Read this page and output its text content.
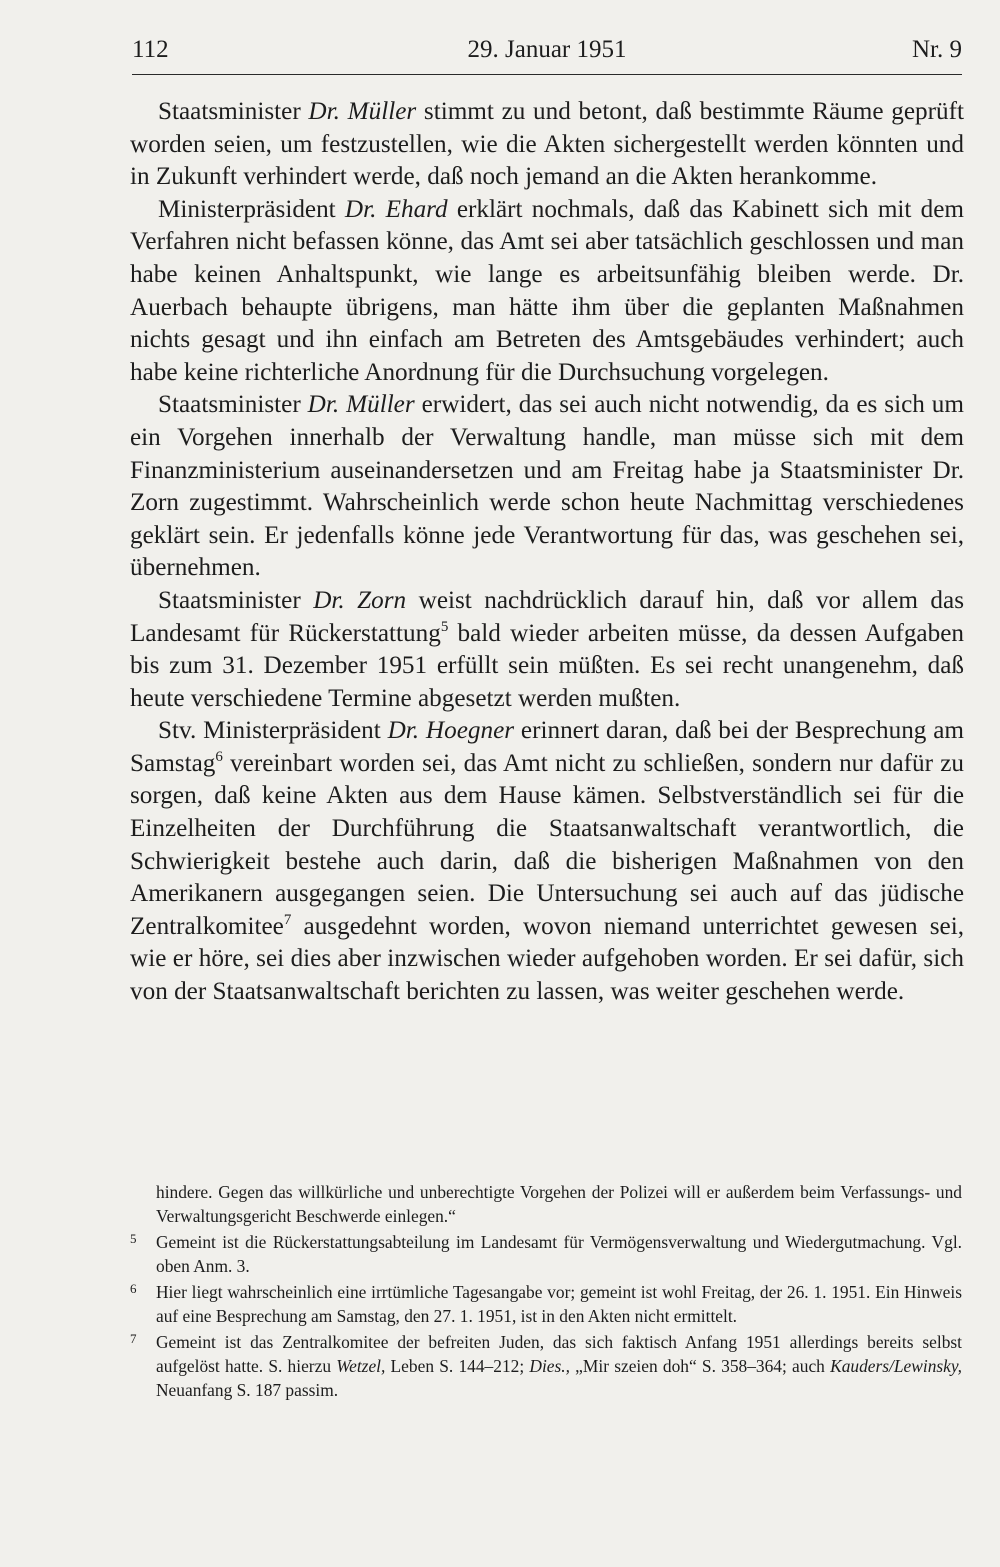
112	29. Januar 1951	Nr. 9

Staatsminister Dr. Müller stimmt zu und betont, daß bestimmte Räume geprüft worden seien, um festzustellen, wie die Akten sichergestellt werden könnten und in Zukunft verhindert werde, daß noch jemand an die Akten herankomme.

Ministerpräsident Dr. Ehard erklärt nochmals, daß das Kabinett sich mit dem Verfahren nicht befassen könne, das Amt sei aber tatsächlich geschlossen und man habe keinen Anhaltspunkt, wie lange es arbeitsunfähig bleiben werde. Dr. Auerbach behaupte übrigens, man hätte ihm über die geplanten Maßnahmen nichts gesagt und ihn einfach am Betreten des Amtsgebäudes verhindert; auch habe keine richterliche Anordnung für die Durchsuchung vorgelegen.

Staatsminister Dr. Müller erwidert, das sei auch nicht notwendig, da es sich um ein Vorgehen innerhalb der Verwaltung handle, man müsse sich mit dem Finanzministerium auseinandersetzen und am Freitag habe ja Staatsminister Dr. Zorn zugestimmt. Wahrscheinlich werde schon heute Nachmittag verschiedenes geklärt sein. Er jedenfalls könne jede Verantwortung für das, was geschehen sei, übernehmen.

Staatsminister Dr. Zorn weist nachdrücklich darauf hin, daß vor allem das Landesamt für Rückerstattung$^5$ bald wieder arbeiten müsse, da dessen Aufgaben bis zum 31. Dezember 1951 erfüllt sein müßten. Es sei recht unangenehm, daß heute verschiedene Termine abgesetzt werden mußten.

Stv. Ministerpräsident Dr. Hoegner erinnert daran, daß bei der Besprechung am Samstag$^6$ vereinbart worden sei, das Amt nicht zu schließen, sondern nur dafür zu sorgen, daß keine Akten aus dem Hause kämen. Selbstverständlich sei für die Einzelheiten der Durchführung die Staatsanwaltschaft verantwortlich, die Schwierigkeit bestehe auch darin, daß die bisherigen Maßnahmen von den Amerikanern ausgegangen seien. Die Untersuchung sei auch auf das jüdische Zentralkomitee$^7$ ausgedehnt worden, wovon niemand unterrichtet gewesen sei, wie er höre, sei dies aber inzwischen wieder aufgehoben worden. Er sei dafür, sich von der Staatsanwaltschaft berichten zu lassen, was weiter geschehen werde.

hindere. Gegen das willkürliche und unberechtigte Vorgehen der Polizei will er außerdem beim Verfassungs- und Verwaltungsgericht Beschwerde einlegen.“

5 Gemeint ist die Rückerstattungsabteilung im Landesamt für Vermögensverwaltung und Wiedergutmachung. Vgl. oben Anm. 3.

6 Hier liegt wahrscheinlich eine irrtümliche Tagesangabe vor; gemeint ist wohl Freitag, der 26. 1. 1951. Ein Hinweis auf eine Besprechung am Samstag, den 27. 1. 1951, ist in den Akten nicht ermittelt.

7 Gemeint ist das Zentralkomitee der befreiten Juden, das sich faktisch Anfang 1951 allerdings bereits selbst aufgelöst hatte. S. hierzu Wetzel, Leben S. 144–212; Dies., „Mir szeien doh“ S. 358–364; auch Kauders/Lewinsky, Neuanfang S. 187 passim.
